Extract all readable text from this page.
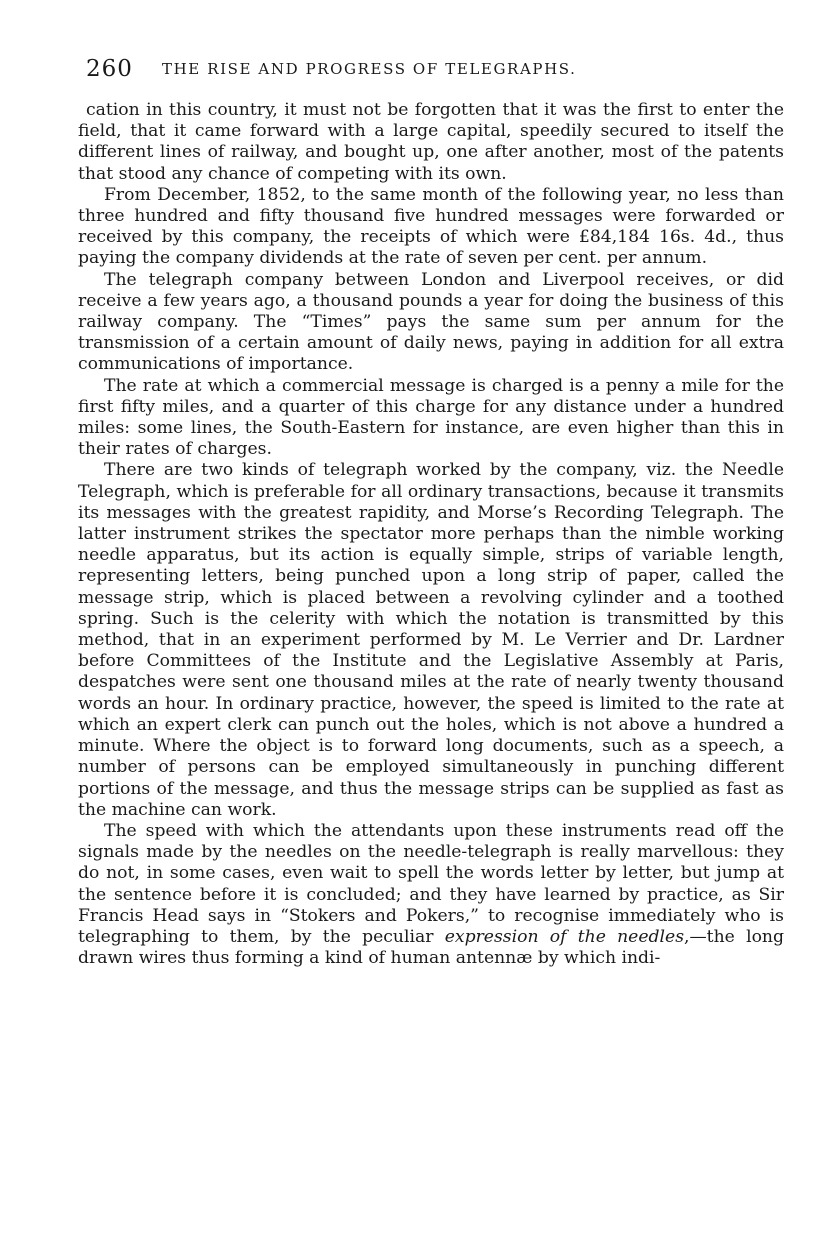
260 THE RISE AND PROGRESS OF TELEGRAPHS.

cation in this country, it must not be forgotten that it was the first to enter the field, that it came forward with a large capital, speedily secured to itself the different lines of railway, and bought up, one after another, most of the patents that stood any chance of competing with its own.

From December, 1852, to the same month of the following year, no less than three hundred and fifty thousand five hundred messages were forwarded or received by this company, the receipts of which were £84,184 16s. 4d., thus paying the company dividends at the rate of seven per cent. per annum.

The telegraph company between London and Liverpool receives, or did receive a few years ago, a thousand pounds a year for doing the business of this railway company. The “Times” pays the same sum per annum for the transmission of a certain amount of daily news, paying in addition for all extra communications of importance.

The rate at which a commercial message is charged is a penny a mile for the first fifty miles, and a quarter of this charge for any distance under a hundred miles: some lines, the South-Eastern for instance, are even higher than this in their rates of charges.

There are two kinds of telegraph worked by the company, viz. the Needle Telegraph, which is preferable for all ordinary transactions, because it transmits its messages with the greatest rapidity, and Morse’s Recording Telegraph. The latter instrument strikes the spectator more perhaps than the nimble working needle apparatus, but its action is equally simple, strips of variable length, representing letters, being punched upon a long strip of paper, called the message strip, which is placed between a revolving cylinder and a toothed spring. Such is the celerity with which the notation is transmitted by this method, that in an experiment performed by M. Le Verrier and Dr. Lardner before Committees of the Institute and the Legislative Assembly at Paris, despatches were sent one thousand miles at the rate of nearly twenty thousand words an hour. In ordinary practice, however, the speed is limited to the rate at which an expert clerk can punch out the holes, which is not above a hundred a minute. Where the object is to forward long documents, such as a speech, a number of persons can be employed simultaneously in punching different portions of the message, and thus the message strips can be supplied as fast as the machine can work.

The speed with which the attendants upon these instruments read off the signals made by the needles on the needle-telegraph is really marvellous: they do not, in some cases, even wait to spell the words letter by letter, but jump at the sentence before it is concluded; and they have learned by practice, as Sir Francis Head says in “Stokers and Pokers,” to recognise immediately who is telegraphing to them, by the peculiar expression of the needles,—the long drawn wires thus forming a kind of human antennæ by which indi-
